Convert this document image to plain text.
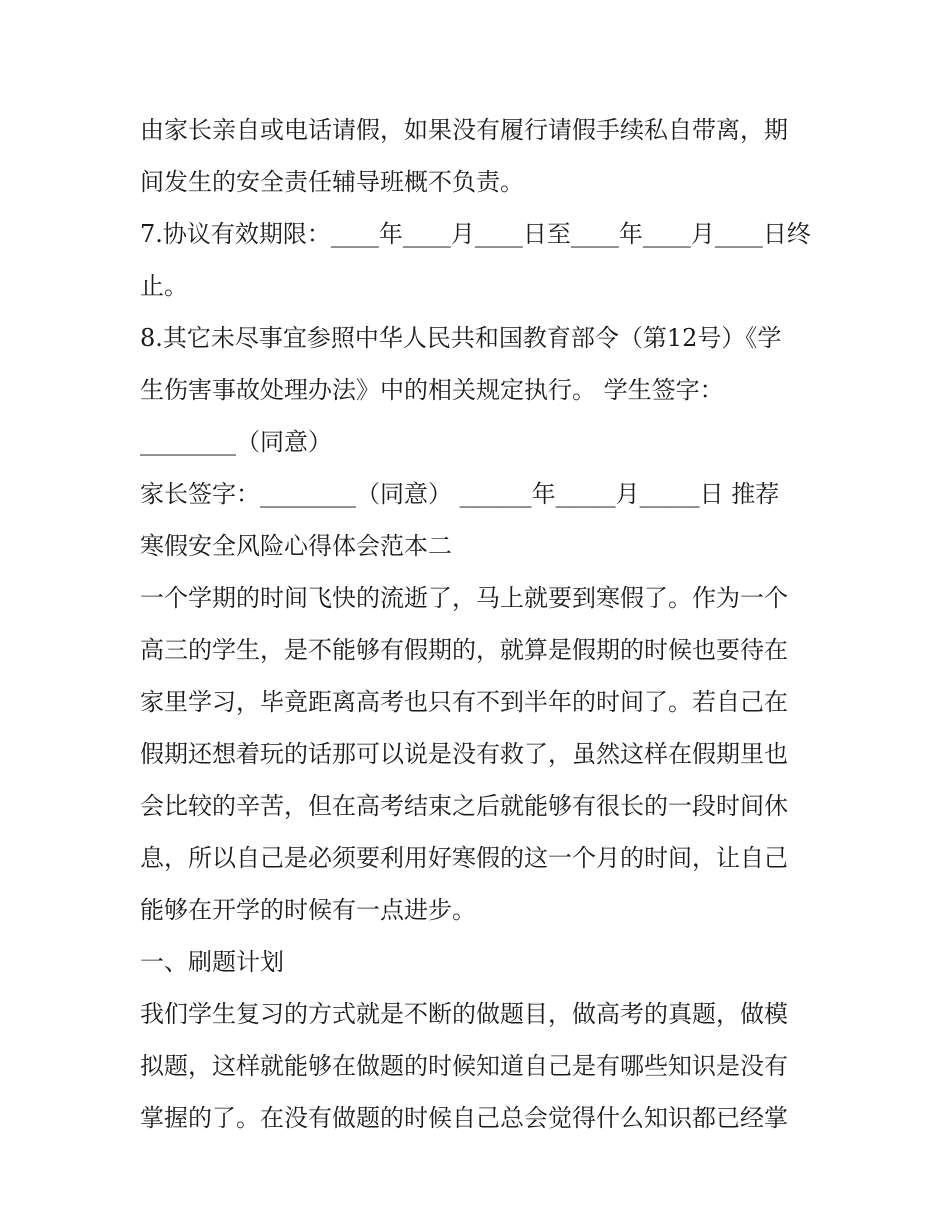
由家长亲自或电话请假，如果没有履行请假手续私自带离，期
间发生的安全责任辅导班概不负责。
7.协议有效期限：____年____月____日至____年____月____日终
止。
8.其它未尽事宜参照中华人民共和国教育部令（第12号）《学
生伤害事故处理办法》中的相关规定执行。 学生签字：
________（同意）
家长签字：________（同意） ______年_____月_____日 推荐
寒假安全风险心得体会范本二
一个学期的时间飞快的流逝了，马上就要到寒假了。作为一个
高三的学生，是不能够有假期的，就算是假期的时候也要待在
家里学习，毕竟距离高考也只有不到半年的时间了。若自己在
假期还想着玩的话那可以说是没有救了，虽然这样在假期里也
会比较的辛苦，但在高考结束之后就能够有很长的一段时间休
息，所以自己是必须要利用好寒假的这一个月的时间，让自己
能够在开学的时候有一点进步。
一、刷题计划
我们学生复习的方式就是不断的做题目，做高考的真题，做模
拟题，这样就能够在做题的时候知道自己是有哪些知识是没有
掌握的了。在没有做题的时候自己总会觉得什么知识都已经掌
